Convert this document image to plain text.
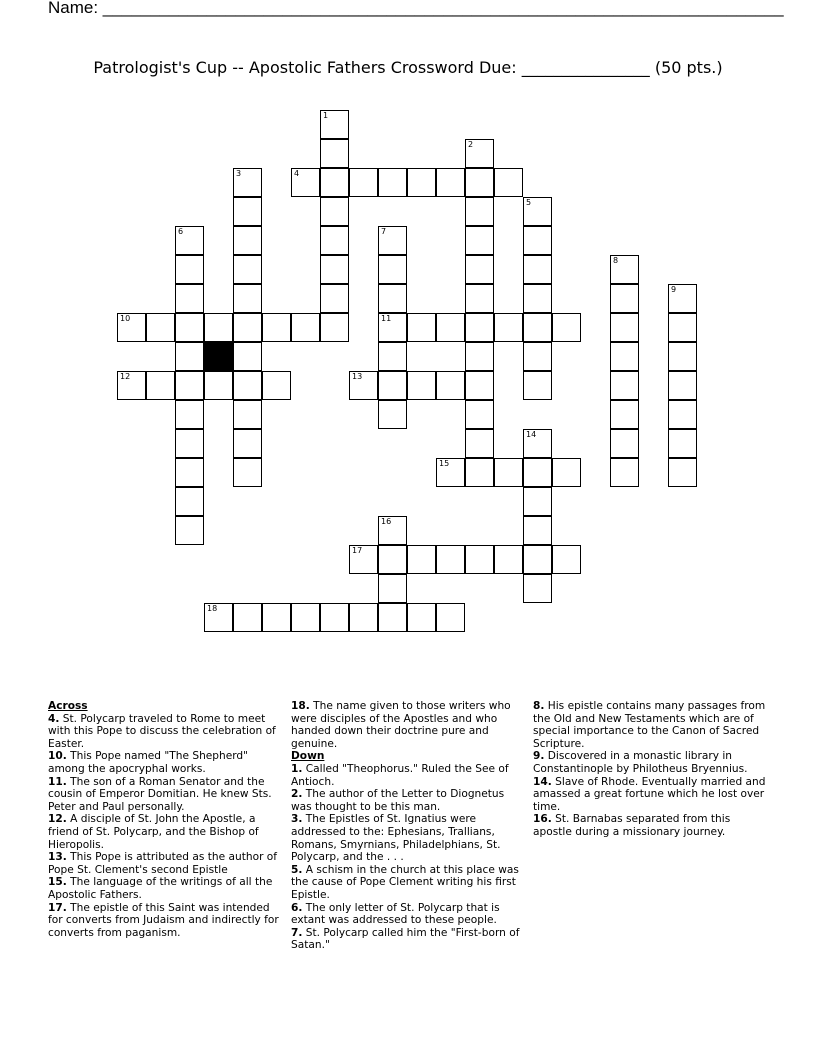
Name: ________________________________________________________________________
Patrologist's Cup -- Apostolic Fathers Crossword Due: ________________ (50 pts.)
4
10	11
12	13
15
17
18
1
2
3
5
6	7
8
9
14
16
Across
4. St. Polycarp traveled to Rome to meet with this Pope to discuss the celebration of Easter.
10. This Pope named "The Shepherd" among the apocryphal works.
11. The son of a Roman Senator and the cousin of Emperor Domitian. He knew Sts. Peter and Paul personally.
12. A disciple of St. John the Apostle, a friend of St. Polycarp, and the Bishop of Hieropolis.
13. This Pope is attributed as the author of Pope St. Clement's second Epistle
15. The language of the writings of all the Apostolic Fathers.
17. The epistle of this Saint was intended for converts from Judaism and indirectly for converts from paganism.
18. The name given to those writers who were disciples of the Apostles and who handed down their doctrine pure and genuine.
Down
1. Called "Theophorus." Ruled the See of Antioch.
2. The author of the Letter to Diognetus was thought to be this man.
3. The Epistles of St. Ignatius were addressed to the: Ephesians, Trallians, Romans, Smyrnians, Philadelphians, St. Polycarp, and the . . .
5. A schism in the church at this place was the cause of Pope Clement writing his first Epistle.
6. The only letter of St. Polycarp that is extant was addressed to these people.
7. St. Polycarp called him the "First-born of Satan."
8. His epistle contains many passages from the Old and New Testaments which are of special importance to the Canon of Sacred Scripture.
9. Discovered in a monastic library in Constantinople by Philotheus Bryennius.
14. Slave of Rhode. Eventually married and amassed a great fortune which he lost over time.
16. St. Barnabas separated from this apostle during a missionary journey.
